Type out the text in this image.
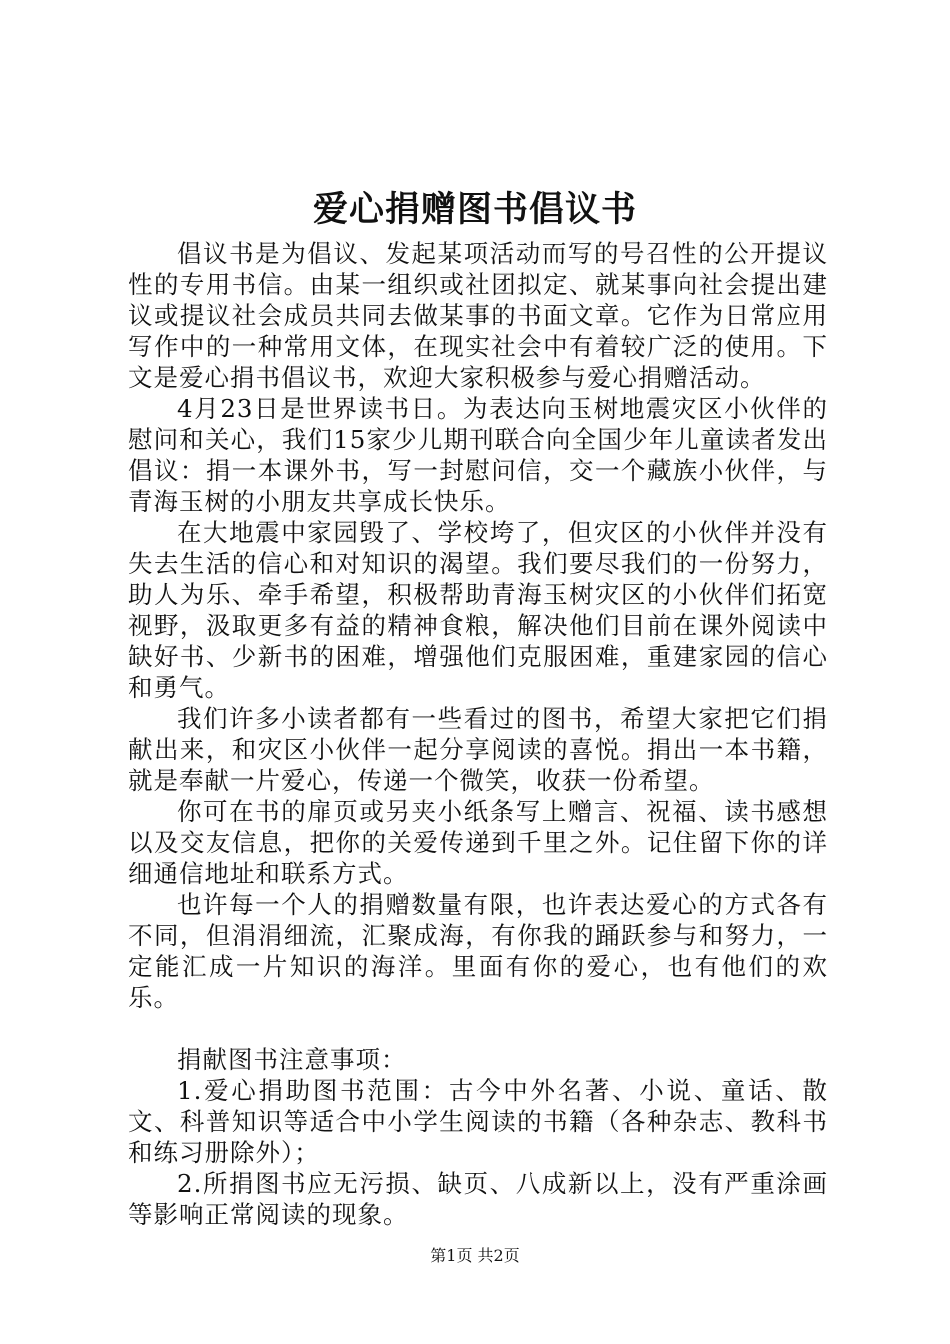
爱心捐赠图书倡议书

倡议书是为倡议、发起某项活动而写的号召性的公开提议性的专用书信。由某一组织或社团拟定、就某事向社会提出建议或提议社会成员共同去做某事的书面文章。它作为日常应用写作中的一种常用文体，在现实社会中有着较广泛的使用。下文是爱心捐书倡议书，欢迎大家积极参与爱心捐赠活动。

4月23日是世界读书日。为表达向玉树地震灾区小伙伴的慰问和关心，我们15家少儿期刊联合向全国少年儿童读者发出倡议：捐一本课外书，写一封慰问信，交一个藏族小伙伴，与青海玉树的小朋友共享成长快乐。

在大地震中家园毁了、学校垮了，但灾区的小伙伴并没有失去生活的信心和对知识的渴望。我们要尽我们的一份努力，助人为乐、牵手希望，积极帮助青海玉树灾区的小伙伴们拓宽视野，汲取更多有益的精神食粮，解决他们目前在课外阅读中缺好书、少新书的困难，增强他们克服困难，重建家园的信心和勇气。

我们许多小读者都有一些看过的图书，希望大家把它们捐献出来，和灾区小伙伴一起分享阅读的喜悦。捐出一本书籍，就是奉献一片爱心，传递一个微笑，收获一份希望。

你可在书的扉页或另夹小纸条写上赠言、祝福、读书感想以及交友信息，把你的关爱传递到千里之外。记住留下你的详细通信地址和联系方式。

也许每一个人的捐赠数量有限，也许表达爱心的方式各有不同，但涓涓细流，汇聚成海，有你我的踊跃参与和努力，一定能汇成一片知识的海洋。里面有你的爱心，也有他们的欢乐。

捐献图书注意事项：

1.爱心捐助图书范围：古今中外名著、小说、童话、散文、科普知识等适合中小学生阅读的书籍（各种杂志、教科书和练习册除外）；

2.所捐图书应无污损、缺页、八成新以上，没有严重涂画等影响正常阅读的现象。

第1页 共2页
